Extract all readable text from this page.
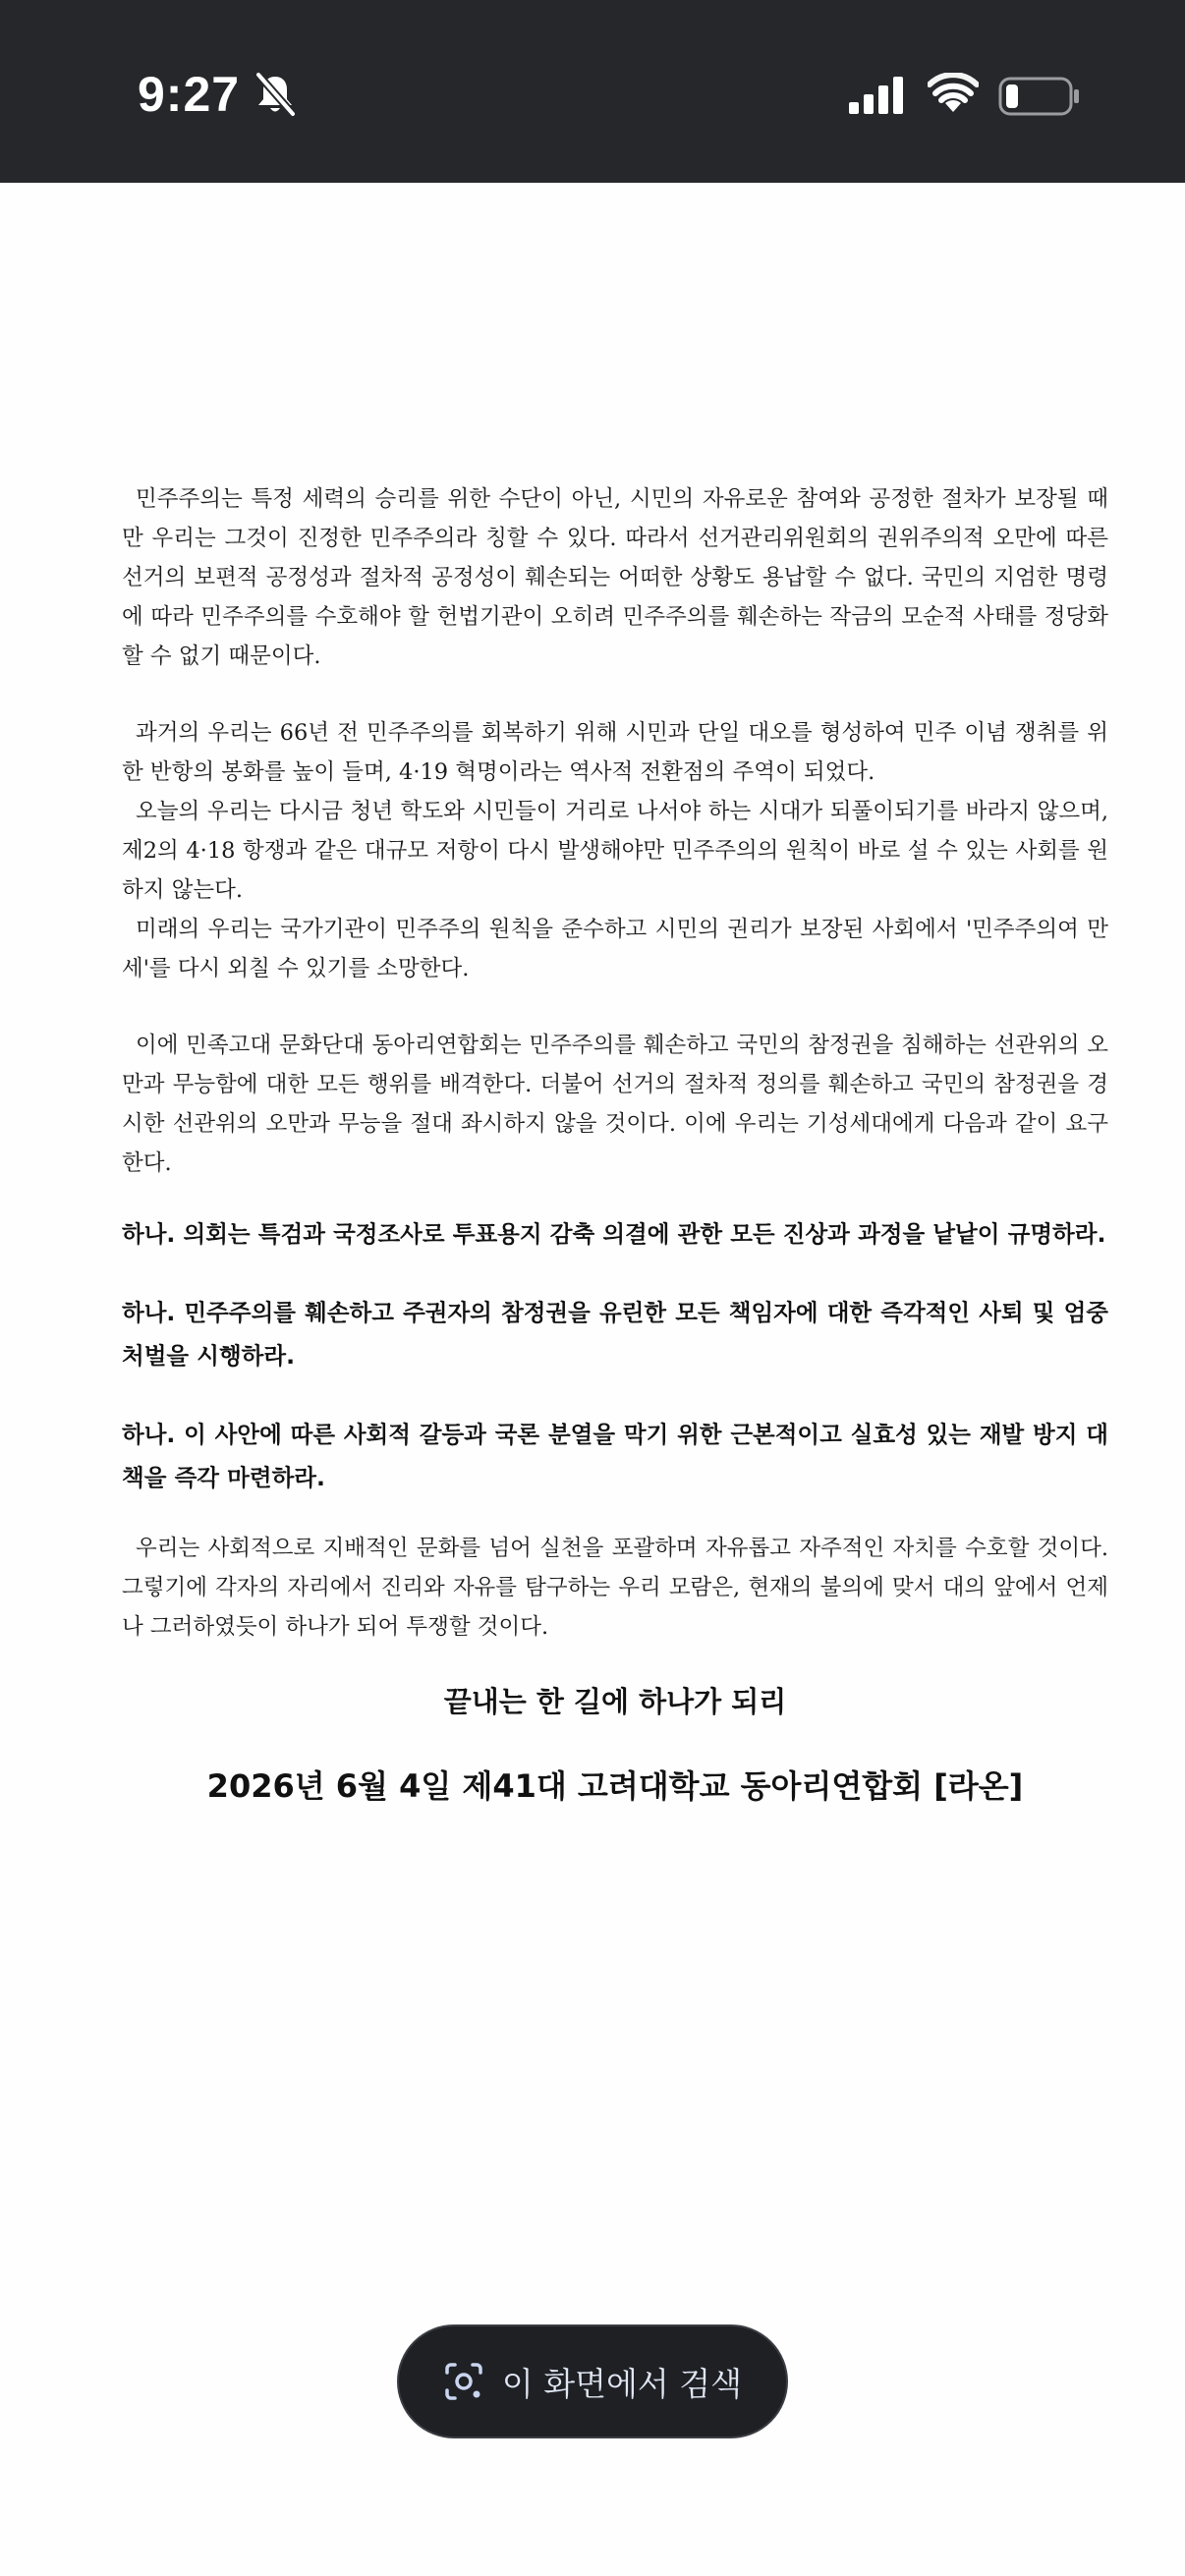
9:27

민주주의는 특정 세력의 승리를 위한 수단이 아닌, 시민의 자유로운 참여와 공정한 절차가 보장될 때만 우리는 그것이 진정한 민주주의라 칭할 수 있다. 따라서 선거관리위원회의 권위주의적 오만에 따른 선거의 보편적 공정성과 절차적 공정성이 훼손되는 어떠한 상황도 용납할 수 없다. 국민의 지엄한 명령에 따라 민주주의를 수호해야 할 헌법기관이 오히려 민주주의를 훼손하는 작금의 모순적 사태를 정당화할 수 없기 때문이다.

과거의 우리는 66년 전 민주주의를 회복하기 위해 시민과 단일 대오를 형성하여 민주 이념 쟁취를 위한 반항의 봉화를 높이 들며, 4·19 혁명이라는 역사적 전환점의 주역이 되었다.

오늘의 우리는 다시금 청년 학도와 시민들이 거리로 나서야 하는 시대가 되풀이되기를 바라지 않으며, 제2의 4·18 항쟁과 같은 대규모 저항이 다시 발생해야만 민주주의의 원칙이 바로 설 수 있는 사회를 원하지 않는다.

미래의 우리는 국가기관이 민주주의 원칙을 준수하고 시민의 권리가 보장된 사회에서 '민주주의여 만세'를 다시 외칠 수 있기를 소망한다.

이에 민족고대 문화단대 동아리연합회는 민주주의를 훼손하고 국민의 참정권을 침해하는 선관위의 오만과 무능함에 대한 모든 행위를 배격한다. 더불어 선거의 절차적 정의를 훼손하고 국민의 참정권을 경시한 선관위의 오만과 무능을 절대 좌시하지 않을 것이다. 이에 우리는 기성세대에게 다음과 같이 요구한다.

하나. 의회는 특검과 국정조사로 투표용지 감축 의결에 관한 모든 진상과 과정을 낱낱이 규명하라.

하나. 민주주의를 훼손하고 주권자의 참정권을 유린한 모든 책임자에 대한 즉각적인 사퇴 및 엄중 처벌을 시행하라.

하나. 이 사안에 따른 사회적 갈등과 국론 분열을 막기 위한 근본적이고 실효성 있는 재발 방지 대책을 즉각 마련하라.

우리는 사회적으로 지배적인 문화를 넘어 실천을 포괄하며 자유롭고 자주적인 자치를 수호할 것이다. 그렇기에 각자의 자리에서 진리와 자유를 탐구하는 우리 모람은, 현재의 불의에 맞서 대의 앞에서 언제나 그러하였듯이 하나가 되어 투쟁할 것이다.

끝내는 한 길에 하나가 되리

2026년 6월 4일 제41대 고려대학교 동아리연합회 [라온]

이 화면에서 검색
